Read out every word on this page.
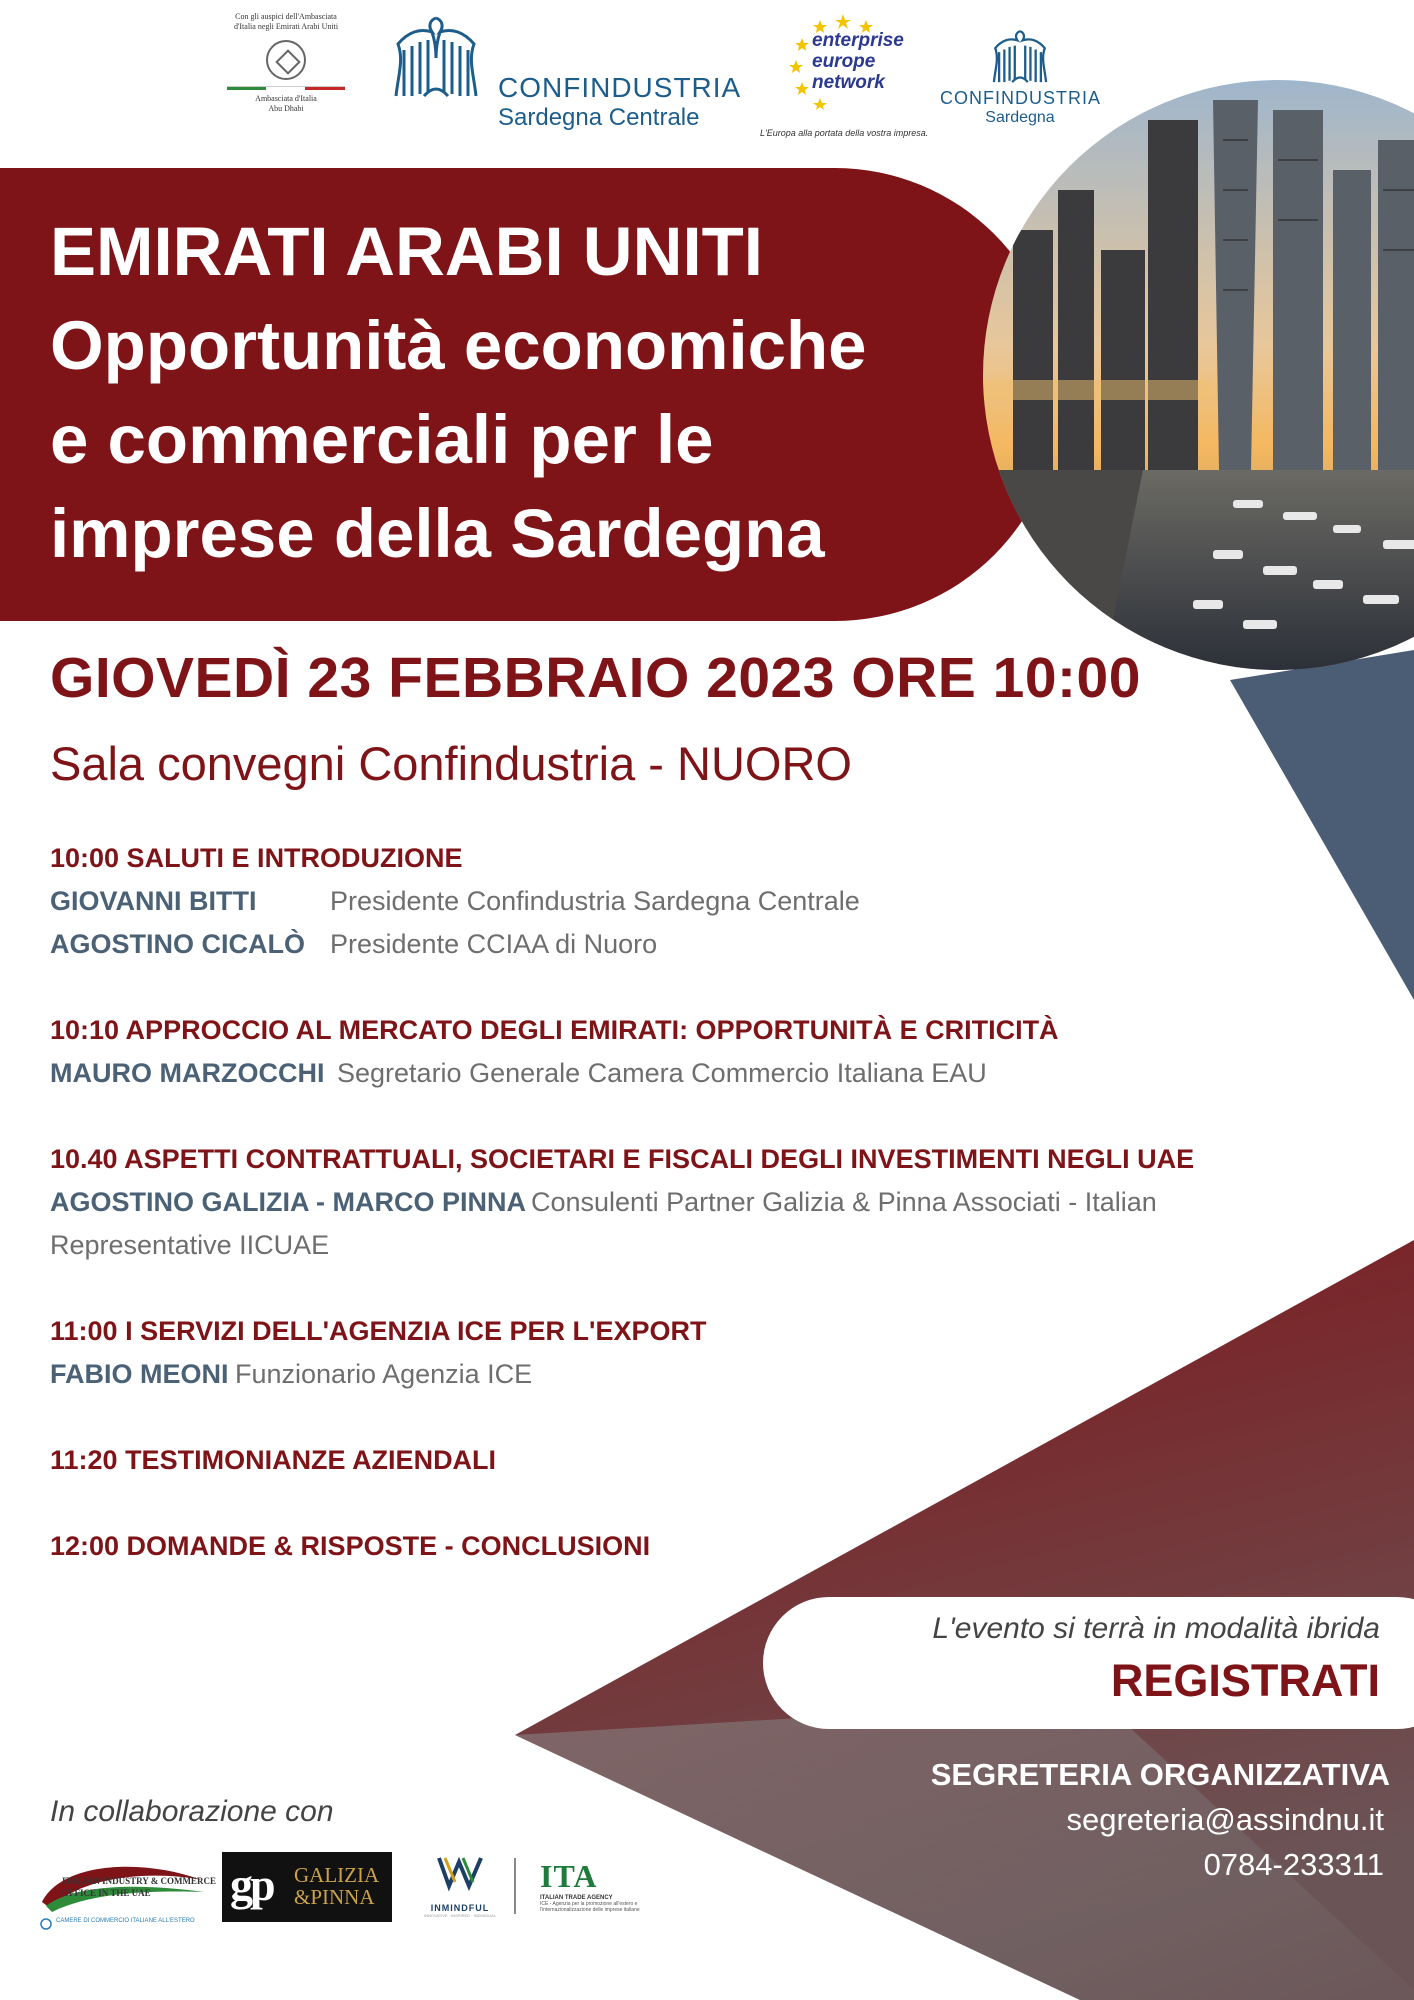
Con gli auspici dell'Ambasciata
d'Italia negli Emirati Arabi Uniti
Ambasciata d'Italia
Abu Dhabi
CONFINDUSTRIA
Sardegna Centrale
enterprise
europe
network
L'Europa alla portata della vostra impresa.
CONFINDUSTRIA
Sardegna
EMIRATI ARABI UNITI
Opportunità economiche
e commerciali per le
imprese della Sardegna
GIOVEDÌ 23 FEBBRAIO 2023 ORE 10:00
Sala convegni Confindustria - NUORO
10:00 SALUTI E INTRODUZIONE
GIOVANNI BITTI	Presidente Confindustria Sardegna Centrale
AGOSTINO CICALÒ Presidente CCIAA di Nuoro
10:10 APPROCCIO AL MERCATO DEGLI EMIRATI: OPPORTUNITÀ E CRITICITÀ
MAURO MARZOCCHI Segretario Generale Camera Commercio Italiana EAU
10.40 ASPETTI CONTRATTUALI, SOCIETARI E FISCALI DEGLI INVESTIMENTI NEGLI UAE
AGOSTINO GALIZIA - MARCO PINNA Consulenti Partner Galizia & Pinna Associati - Italian
Representative IICUAE
11:00 I SERVIZI DELL'AGENZIA ICE PER L'EXPORT
FABIO MEONI Funzionario Agenzia ICE
11:20 TESTIMONIANZE AZIENDALI
12:00 DOMANDE & RISPOSTE - CONCLUSIONI
L'evento si terrà in modalità ibrida
REGISTRATI
SEGRETERIA ORGANIZZATIVA
segreteria@assindnu.it
0784-233311
In collaborazione con
ITALIAN INDUSTRY & COMMERCE
OFFICE IN THE UAE
CAMERE DI COMMERCIO ITALIANE ALL'ESTERO
gp GALIZIA
&PINNA	INMINDFUL
INNOVATIVE · INSPIRED · INDIVIDUAL
ITA
ITALIAN TRADE AGENCY
ICE - Agenzia per la promozione all'estero e
l'internazionalizzazione delle imprese italiane
